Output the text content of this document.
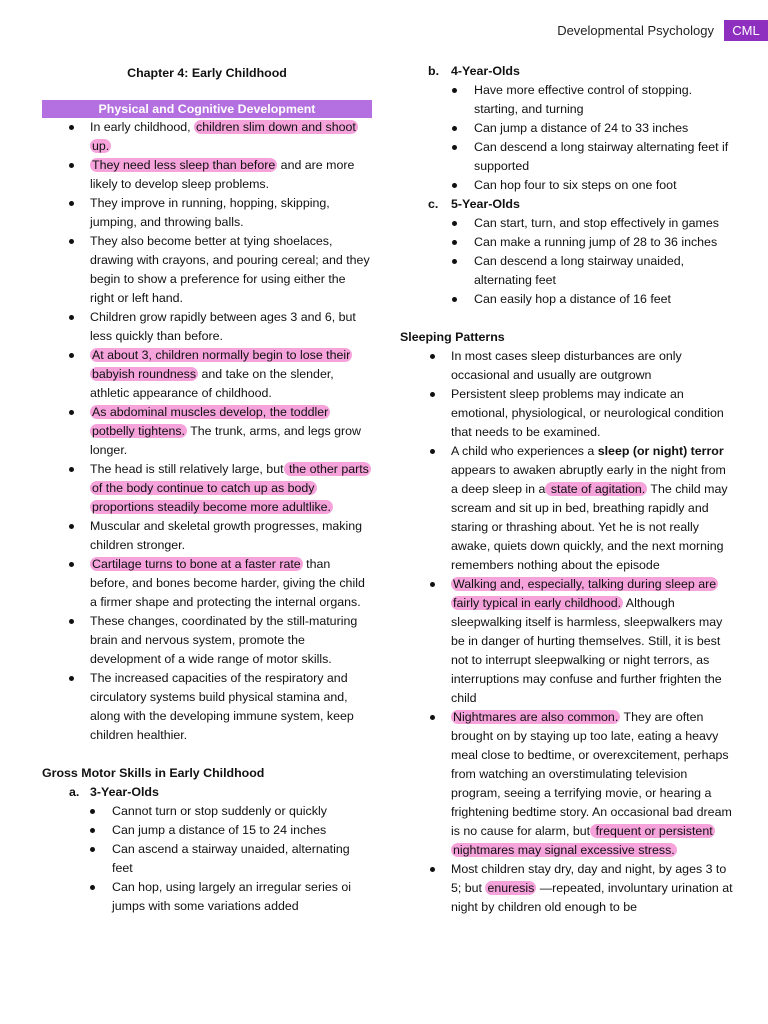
Developmental Psychology	CML
Chapter 4: Early Childhood
Physical and Cognitive Development
In early childhood, children slim down and shoot up.
They need less sleep than before and are more likely to develop sleep problems.
They improve in running, hopping, skipping, jumping, and throwing balls.
They also become better at tying shoelaces, drawing with crayons, and pouring cereal; and they begin to show a preference for using either the right or left hand.
Children grow rapidly between ages 3 and 6, but less quickly than before.
At about 3, children normally begin to lose their babyish roundness and take on the slender, athletic appearance of childhood.
As abdominal muscles develop, the toddler potbelly tightens. The trunk, arms, and legs grow longer.
The head is still relatively large, but the other parts of the body continue to catch up as body proportions steadily become more adultlike.
Muscular and skeletal growth progresses, making children stronger.
Cartilage turns to bone at a faster rate than before, and bones become harder, giving the child a firmer shape and protecting the internal organs.
These changes, coordinated by the still-maturing brain and nervous system, promote the development of a wide range of motor skills.
The increased capacities of the respiratory and circulatory systems build physical stamina and, along with the developing immune system, keep children healthier.
Gross Motor Skills in Early Childhood
a. 3-Year-Olds
Cannot turn or stop suddenly or quickly
Can jump a distance of 15 to 24 inches
Can ascend a stairway unaided, alternating feet
Can hop, using largely an irregular series oi jumps with some variations added
b. 4-Year-Olds
Have more effective control of stopping. starting, and turning
Can jump a distance of 24 to 33 inches
Can descend a long stairway alternating feet if supported
Can hop four to six steps on one foot
c. 5-Year-Olds
Can start, turn, and stop effectively in games
Can make a running jump of 28 to 36 inches
Can descend a long stairway unaided, alternating feet
Can easily hop a distance of 16 feet
Sleeping Patterns
In most cases sleep disturbances are only occasional and usually are outgrown
Persistent sleep problems may indicate an emotional, physiological, or neurological condition that needs to be examined.
A child who experiences a sleep (or night) terror appears to awaken abruptly early in the night from a deep sleep in a state of agitation. The child may scream and sit up in bed, breathing rapidly and staring or thrashing about. Yet he is not really awake, quiets down quickly, and the next morning remembers nothing about the episode
Walking and, especially, talking during sleep are fairly typical in early childhood. Although sleepwalking itself is harmless, sleepwalkers may be in danger of hurting themselves. Still, it is best not to interrupt sleepwalking or night terrors, as interruptions may confuse and further frighten the child
Nightmares are also common. They are often brought on by staying up too late, eating a heavy meal close to bedtime, or overexcitement, perhaps from watching an overstimulating television program, seeing a terrifying movie, or hearing a frightening bedtime story. An occasional bad dream is no cause for alarm, but frequent or persistent nightmares may signal excessive stress.
Most children stay dry, day and night, by ages 3 to 5; but enuresis —repeated, involuntary urination at night by children old enough to be
